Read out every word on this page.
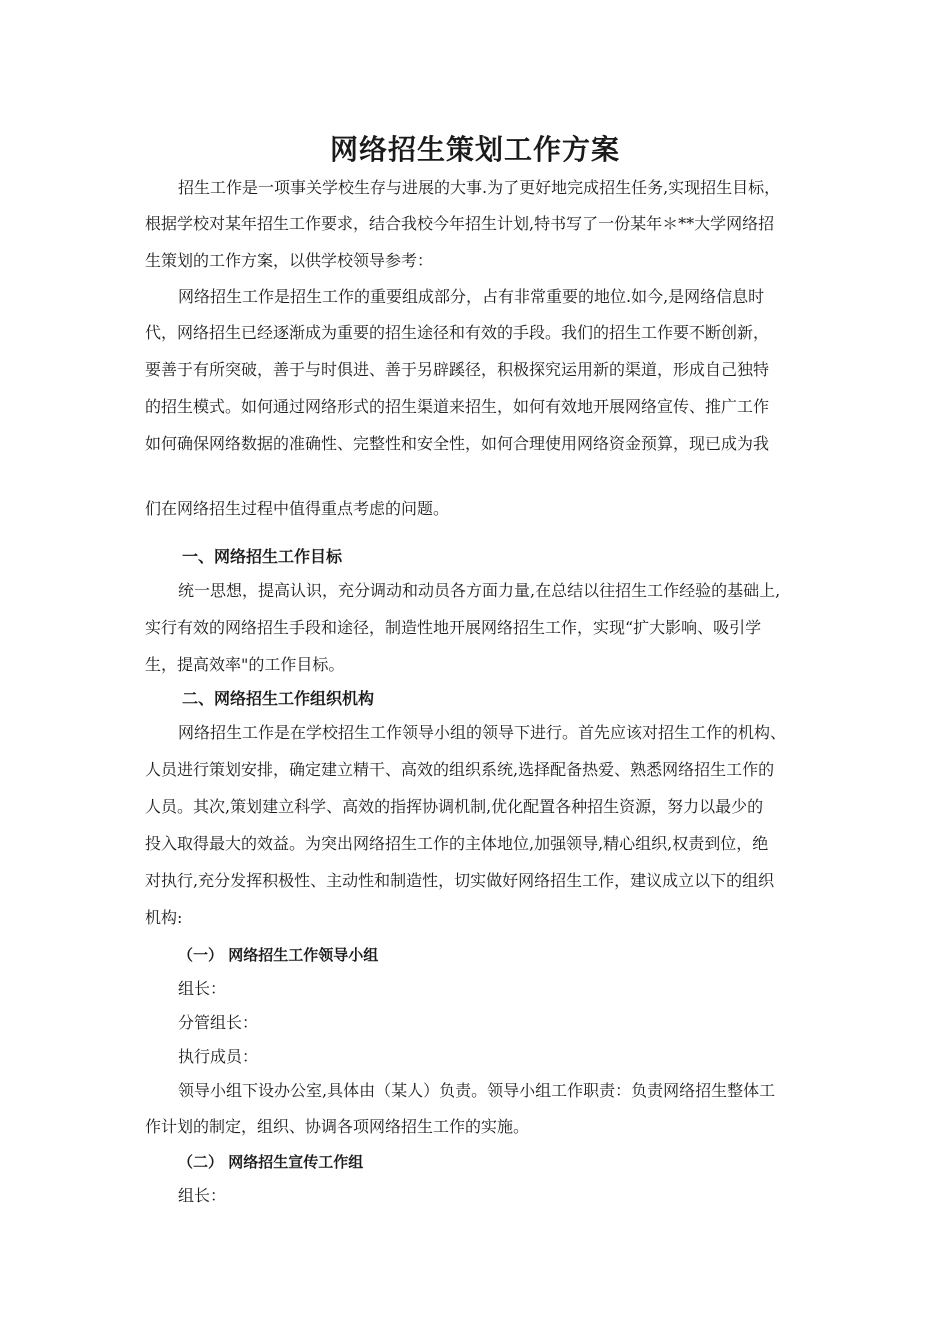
网络招生策划工作方案
招生工作是一项事关学校生存与进展的大事.为了更好地完成招生任务,实现招生目标，
根据学校对某年招生工作要求，结合我校今年招生计划,特书写了一份某年＊**大学网络招
生策划的工作方案，以供学校领导参考：
网络招生工作是招生工作的重要组成部分，占有非常重要的地位.如今,是网络信息时
代，网络招生已经逐渐成为重要的招生途径和有效的手段。我们的招生工作要不断创新，
要善于有所突破，善于与时俱进、善于另辟蹊径，积极探究运用新的渠道，形成自己独特
的招生模式。如何通过网络形式的招生渠道来招生，如何有效地开展网络宣传、推广工作
如何确保网络数据的准确性、完整性和安全性，如何合理使用网络资金预算，现已成为我
们在网络招生过程中值得重点考虑的问题。
一、网络招生工作目标
统一思想，提高认识，充分调动和动员各方面力量,在总结以往招生工作经验的基础上,
实行有效的网络招生手段和途径，制造性地开展网络招生工作，实现“扩大影响、吸引学
生，提高效率"的工作目标。
二、网络招生工作组织机构
网络招生工作是在学校招生工作领导小组的领导下进行。首先应该对招生工作的机构、
人员进行策划安排，确定建立精干、高效的组织系统,选择配备热爱、熟悉网络招生工作的
人员。其次,策划建立科学、高效的指挥协调机制,优化配置各种招生资源，努力以最少的
投入取得最大的效益。为突出网络招生工作的主体地位,加强领导,精心组织,权责到位，绝
对执行,充分发挥积极性、主动性和制造性，切实做好网络招生工作，建议成立以下的组织
机构:
（一） 网络招生工作领导小组
组长：
分管组长：
执行成员：
领导小组下设办公室,具体由（某人）负责。领导小组工作职责：负责网络招生整体工
作计划的制定，组织、协调各项网络招生工作的实施。
（二） 网络招生宣传工作组
组长：
